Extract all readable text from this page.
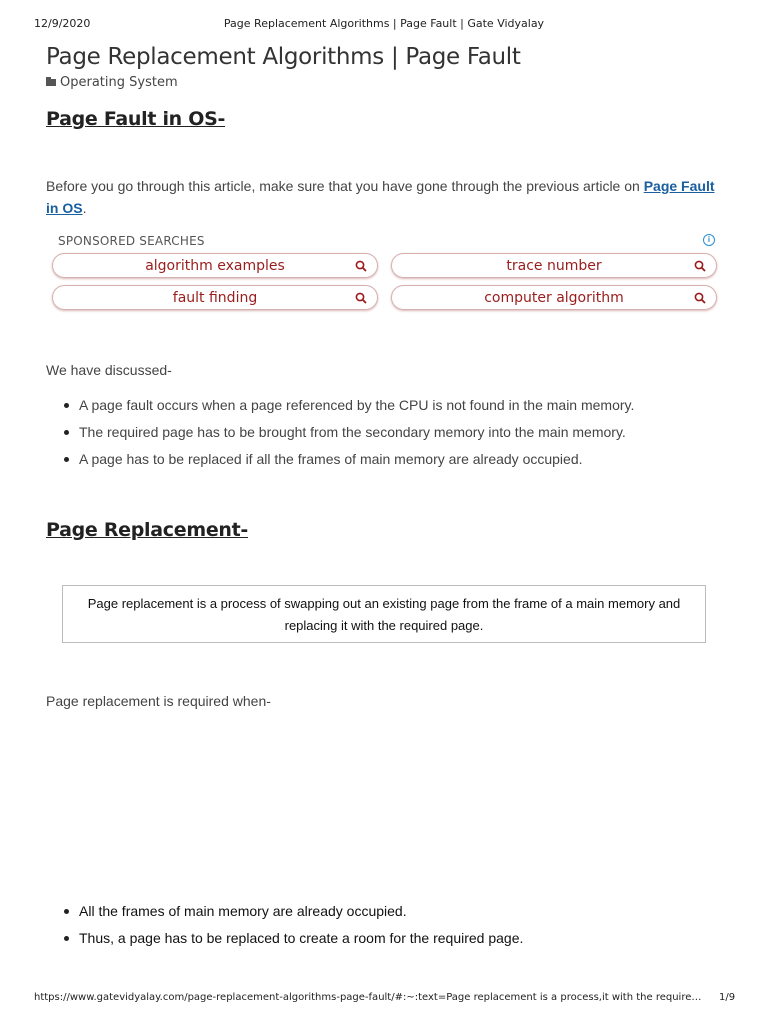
12/9/2020	Page Replacement Algorithms | Page Fault | Gate Vidyalay
Page Replacement Algorithms | Page Fault
Operating System
Page Fault in OS-
Before you go through this article, make sure that you have gone through the previous article on Page Fault in OS.
SPONSORED SEARCHES	i
algorithm examples	trace number
fault finding	computer algorithm
We have discussed-
A page fault occurs when a page referenced by the CPU is not found in the main memory.
The required page has to be brought from the secondary memory into the main memory.
A page has to be replaced if all the frames of main memory are already occupied.
Page Replacement-
Page replacement is a process of swapping out an existing page from the frame of a main memory and replacing it with the required page.
Page replacement is required when-
All the frames of main memory are already occupied.
Thus, a page has to be replaced to create a room for the required page.
https://www.gatevidyalay.com/page-replacement-algorithms-page-fault/#:~:text=Page replacement is a process,it with the require… 1/9
